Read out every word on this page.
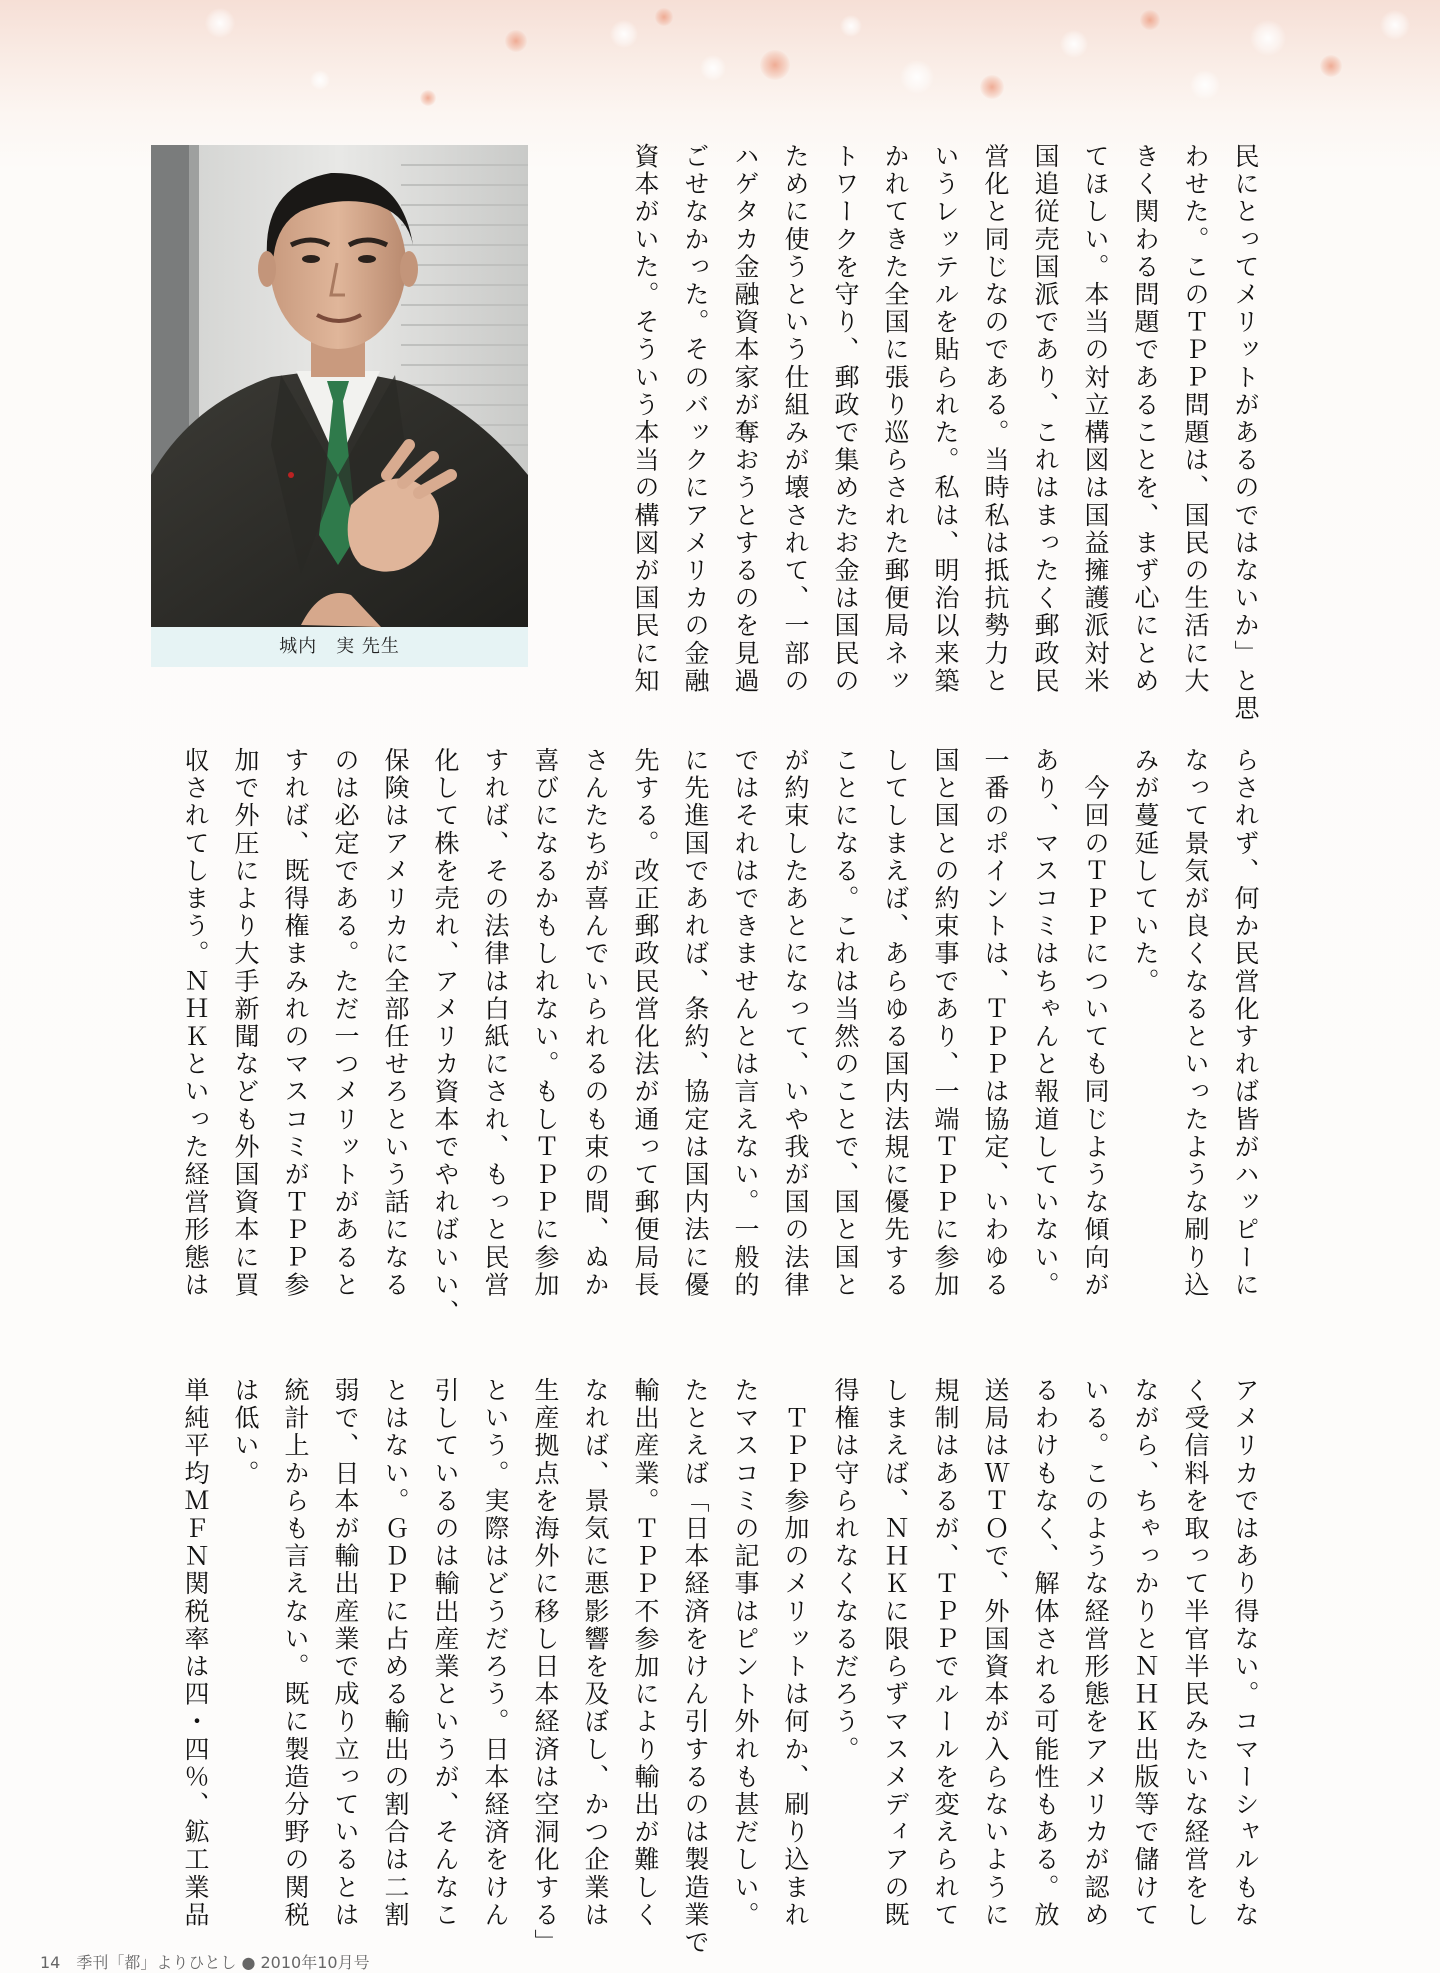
城内　実 先生	民にとってメリットがあるのではないか」と思
わせた。このＴＰＰ問題は、国民の生活に大
きく関わる問題であることを、まず心にとめ
てほしい。本当の対立構図は国益擁護派対米
国追従売国派であり、これはまったく郵政民
営化と同じなのである。当時私は抵抗勢力と
いうレッテルを貼られた。私は、明治以来築
かれてきた全国に張り巡らされた郵便局ネッ
トワークを守り、郵政で集めたお金は国民の
ために使うという仕組みが壊されて、一部の
ハゲタカ金融資本家が奪おうとするのを見過
ごせなかった。そのバックにアメリカの金融
資本がいた。そういう本当の構図が国民に知
らされず、何か民営化すれば皆がハッピーに
なって景気が良くなるといったような刷り込
みが蔓延していた。
　今回のＴＰＰについても同じような傾向が
あり、マスコミはちゃんと報道していない。
一番のポイントは、ＴＰＰは協定、いわゆる
国と国との約束事であり、一端ＴＰＰに参加
してしまえば、あらゆる国内法規に優先する
ことになる。これは当然のことで、国と国と
が約束したあとになって、いや我が国の法律
ではそれはできませんとは言えない。一般的
に先進国であれば、条約、協定は国内法に優
先する。改正郵政民営化法が通って郵便局長
さんたちが喜んでいられるのも束の間、ぬか
喜びになるかもしれない。もしＴＰＰに参加
すれば、その法律は白紙にされ、もっと民営
化して株を売れ、アメリカ資本でやればいい、
保険はアメリカに全部任せろという話になる
のは必定である。ただ一つメリットがあると
すれば、既得権まみれのマスコミがＴＰＰ参
加で外圧により大手新聞なども外国資本に買
収されてしまう。ＮＨＫといった経営形態は
アメリカではあり得ない。コマーシャルもな
く受信料を取って半官半民みたいな経営をし
ながら、ちゃっかりとＮＨＫ出版等で儲けて
いる。このような経営形態をアメリカが認め
るわけもなく、解体される可能性もある。放
送局はＷＴＯで、外国資本が入らないように
規制はあるが、ＴＰＰでルールを変えられて
しまえば、ＮＨＫに限らずマスメディアの既
得権は守られなくなるだろう。
　ＴＰＰ参加のメリットは何か、刷り込まれ
たマスコミの記事はピント外れも甚だしい。
たとえば「日本経済をけん引するのは製造業で
輸出産業。ＴＰＰ不参加により輸出が難しく
なれば、景気に悪影響を及ぼし、かつ企業は
生産拠点を海外に移し日本経済は空洞化する」
という。実際はどうだろう。日本経済をけん
引しているのは輸出産業というが、そんなこ
とはない。ＧＤＰに占める輸出の割合は二割
弱で、日本が輸出産業で成り立っているとは
統計上からも言えない。既に製造分野の関税
は低い。
単純平均ＭＦＮ関税率は四・四％、鉱工業品
14　季刊「都」よりひとし ● 2010年10月号
